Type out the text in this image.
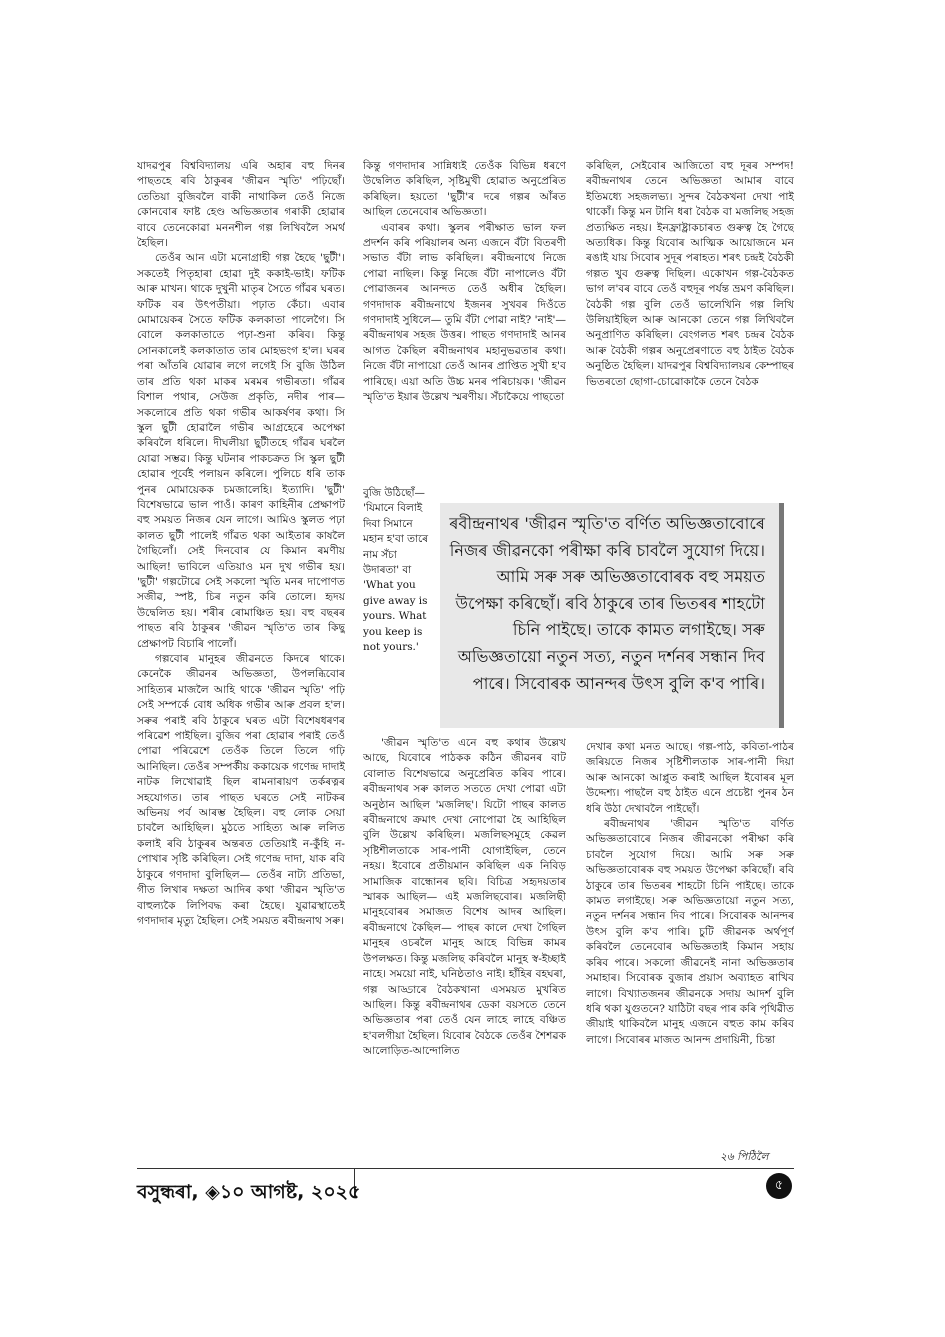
যাদৱপুৰ বিশ্ববিদ্যালয় এৰি অহাৰ বহু দিনৰ পাছতহে ৰবি ঠাকুৰৰ 'জীৱন স্মৃতি' পঢ়িছোঁ। তেতিয়া বুজিবলৈ বাকী নাথাকিল তেওঁ নিজে কোনবোৰ ফাষ্ট হেণ্ড অভিজ্ঞতাৰ গৰাকী হোৱাৰ বাবে তেনেকোৱা মননশীল গল্প লিখিবলৈ সমৰ্থ হৈছিল।

তেওঁৰ আন এটা মনোগ্ৰাহী গল্প হৈছে 'ছুটী'। সকতেই পিতৃহাৰা হোৱা দুই ককাই-ভাই। ফটিক আৰু মাখন। থাকে দুখুনী মাতৃৰ সৈতে গাঁৱৰ ঘৰত। ফটিক বৰ উৎপতীয়া। পঢ়াত কেঁচা। এবাৰ মোমায়েকৰ সৈতে ফটিক কলকাতা পালেগৈ। সি বোলে কলকাতাতে পঢ়া-শুনা কৰিব। কিন্তু সোনকালেই কলকাতাত তাৰ মোহভংগ হ'ল। ঘৰৰ পৰা আঁতৰি যোৱাৰ লগে লগেই সি বুজি উঠিল তাৰ প্ৰতি থকা মাকৰ মৰমৰ গভীৰতা। গাঁৱৰ বিশাল পথাৰ, সেউজ প্ৰকৃতি, নদীৰ পাৰ— সকলোৰে প্ৰতি থকা গভীৰ আকৰ্ষণৰ কথা। সি স্কুল ছুটী হোৱালৈ গভীৰ আগ্ৰহেৰে অপেক্ষা কৰিবলৈ ধৰিলে। দীঘলীয়া ছুটীতহে গাঁৱৰ ঘৰলৈ যোৱা সম্ভৱ। কিন্তু ঘটনাৰ পাকচক্ৰত সি স্কুল ছুটী হোৱাৰ পূৰ্বেই পলায়ন কৰিলে। পুলিচে ধৰি তাক পুনৰ মোমায়েকক চমজালেহি। ইত্যাদি। 'ছুটী' বিশেষভাৱে ভাল পাওঁ। কাৰণ কাহিনীৰ প্ৰেক্ষাপট বহু সময়ত নিজৰ যেন লাগে। আমিও স্কুলত পঢ়া কালত ছুটী পালেই গাঁৱত থকা আইতাৰ কাষলৈ গৈছিলোঁ। সেই দিনবোৰ যে কিমান ৰমণীয় আছিল! ভাবিলে এতিয়াও মন দুখ গভীৰ হয়। 'ছুটী' গল্পটোৱে সেই সকলো স্মৃতি মনৰ দাপোণত সজীৱ, স্পষ্ট, চিৰ নতুন কৰি তোলে। হৃদয় উদ্বেলিত হয়। শৰীৰ ৰোমাঞ্চিত হয়। বহু বছৰৰ পাছত ৰবি ঠাকুৰৰ 'জীৱন স্মৃতি'ত তাৰ কিছু প্ৰেক্ষাপট বিচাৰি পালোঁ।

গল্পবোৰ মানুহৰ জীৱনতে কিদৰে থাকে। কেনেকৈ জীৱনৰ অভিজ্ঞতা, উপলব্ধিবোৰ সাহিত্যৰ মাজলৈ আহি থাকে 'জীৱন স্মৃতি' পঢ়ি সেই সম্পৰ্কে বোধ অধিক গভীৰ আৰু প্ৰবল হ'ল। সৰুৰ পৰাই ৰবি ঠাকুৰে ঘৰত এটা বিশেষধৰণৰ পৰিৱেশ পাইছিল। বুজিব পৰা হোৱাৰ পৰাই তেওঁ পোৱা পৰিৱেশে তেওঁক তিলে তিলে গঢ়ি আনিছিল। তেওঁৰ সম্পৰ্কীয় ককায়েক গণেন্দ্ৰ দাদাই নাটক লিখোৱাই ছিল ৰামনাৰায়ণ তৰ্কৰত্নৰ সহযোগত। তাৰ পাছত ঘৰতে সেই নাটকৰ অভিনয় পৰ্ব আৰম্ভ হৈছিল। বহু লোক সেয়া চাবলৈ আহিছিল। মুঠতে সাহিত্য আৰু ললিত কলাই ৰবি ঠাকুৰৰ অন্তৰত তেতিয়াই ন-কুঁহি ন-পোখাৰ সৃষ্টি কৰিছিল। সেই গণেন্দ্ৰ দাদা, যাক ৰবি ঠাকুৰে গণদাদা বুলিছিল— তেওঁৰ নাট্য প্ৰতিভা, গীত লিখাৰ দক্ষতা আদিৰ কথা 'জীৱন স্মৃতি'ত বাহুল্যকৈ লিপিবদ্ধ কৰা হৈছে। যুৱাৱস্থাতেই গণদাদাৰ মৃত্যু হৈছিল। সেই সময়ত ৰবীন্দ্ৰনাথ সৰু।

কিন্তু গণদাদাৰ সান্নিধ্যই তেওঁক বিভিন্ন ধৰণে উদ্বেলিত কৰিছিল, সৃষ্টিমুখী হোৱাত অনুপ্ৰেৰিত কৰিছিল। হয়তো 'ছুটী'ৰ দৰে গল্পৰ আঁৰত আছিল তেনেবোৰ অভিজ্ঞতা।

এবাৰৰ কথা। স্কুলৰ পৰীক্ষাত ভাল ফল প্ৰদৰ্শন কৰি পৰিয়ালৰ অন্য এজনে বঁটা বিতৰণী সভাত বঁটা লাভ কৰিছিল। ৰবীন্দ্ৰনাথে নিজে পোৱা নাছিল। কিন্তু নিজে বঁটা নাপালেও বঁটা পোৱাজনৰ আনন্দত তেওঁ অধীৰ হৈছিল। গণদাদাক ৰবীন্দ্ৰনাথে ইজনৰ সুখবৰ দিওঁতে গণদাদাই সুধিলে— তুমি বঁটা পোৱা নাই? 'নাই'— ৰবীন্দ্ৰনাথৰ সহজ উত্তৰ। পাছত গণদাদাই আনৰ আগত কৈছিল ৰবীন্দ্ৰনাথৰ মহানুভৱতাৰ কথা। নিজে বঁটা নাপায়ো তেওঁ আনৰ প্ৰাপ্তিত সুখী হ'ব পাৰিছে। এয়া অতি উচ্চ মনৰ পৰিচায়ক। 'জীৱন স্মৃতি'ত ইয়াৰ উল্লেখ স্মৰণীয়। সঁচাকৈয়ে পাছতো

বুজি উঠিছোঁ— 'যিমানে বিলাই দিবা সিমানে মহান হ'বা তাৰে নাম সঁচা উদাৰতা' বা 'What you give away is yours. What you keep is not yours.'

'জীৱন স্মৃতি'ত এনে বহু কথাৰ উল্লেখ আছে, যিবোৰে পাঠকক কঠিন জীৱনৰ বাট বোলাত বিশেষভাৱে অনুপ্ৰেৰিত কৰিব পাৰে। ৰবীন্দ্ৰনাথৰ সৰু কালত সততে দেখা পোৱা এটা অনুষ্ঠান আছিল 'মজলিছ'। যিটো পাছৰ কালত ৰবীন্দ্ৰনাথে ক্ৰমাৎ দেখা নোপোৱা হৈ আহিছিল বুলি উল্লেখ কৰিছিল। মজলিছসমূহে কেৱল সৃষ্টিশীলতাকে সাৰ-পানী যোগাইছিল, তেনে নহয়। ইবোৰে প্ৰতীয়মান কৰিছিল এক নিবিড় সামাজিক বান্ধোনৰ ছবি। বিচিত্ৰ সহৃদয়তাৰ স্মাৰক আছিল— এই মজলিছবোৰ। মজলিছী মানুহবোৰৰ সমাজত বিশেষ আদৰ আছিল। ৰবীন্দ্ৰনাথে কৈছিল— পাছৰ কালে দেখা গৈছিল মানুহৰ ওচৰলৈ মানুহ আহে বিভিন্ন কামৰ উপলক্ষত। কিন্তু মজলিছ কৰিবলৈ মানুহ স্ব-ইচ্ছাই নাহে। সময়ো নাই, ঘনিষ্ঠতাও নাই। হাঁহিৰ বহঘৰা, গল্প আড্ডাৰে বৈঠকখানা এসময়ত মুখৰিত আছিল। কিন্তু ৰবীন্দ্ৰনাথৰ ডেকা বয়সতে তেনে অভিজ্ঞতাৰ পৰা তেওঁ যেন লাহে লাহে বঞ্চিত হ'বলগীয়া হৈছিল। যিবোৰ বৈঠকে তেওঁৰ শৈশৱক আলোড়িত-আন্দোলিত

কৰিছিল, সেইবোৰ আজিতো বহু দূৰৰ সম্পদ! ৰবীন্দ্ৰনাথৰ তেনে অভিজ্ঞতা আমাৰ বাবে ইতিমধ্যে সহজলভ্য। সুন্দৰ বৈঠকখনা দেখা পাই থাকোঁ। কিন্তু মন টানি ধৰা বৈঠক বা মজলিছ সহজ প্ৰত্যক্ষিত নহয়। ইনফ্ৰাষ্ট্ৰাকচাৰত গুৰুত্ব হৈ গৈছে অত্যধিক। কিন্তু যিবোৰ আত্মিক আয়োজনে মন ৰঙাই যায় সিবোৰ সুদূৰ পৰাহত। শৰৎ চন্দ্ৰই বৈঠকী গল্পত খুব গুৰুত্ব দিছিল। একোখন গল্প-বৈঠকত ভাগ ল'বৰ বাবে তেওঁ বহুদূৰ পৰ্যন্ত ভ্ৰমণ কৰিছিল। বৈঠকী গল্প বুলি তেওঁ ভালেখিনি গল্প লিখি উলিয়াইছিল আৰু আনকো তেনে গল্প লিখিবলৈ অনুপ্ৰাণিত কৰিছিল। বেংগলত শৰৎ চন্দ্ৰৰ বৈঠক আৰু বৈঠকী গল্পৰ অনুপ্ৰেৰণাতে বহু ঠাইত বৈঠক অনুষ্ঠিত হৈছিল। যাদৱপুৰ বিশ্ববিদ্যালয়ৰ কেম্পাছৰ ভিতৰতো ছোগা-চোৱোকাকৈ তেনে বৈঠক

দেখাৰ কথা মনত আছে। গল্প-পাঠ, কবিতা-পাঠৰ জৰিয়তে নিজৰ সৃষ্টিশীলতাক সাৰ-পানী দিয়া আৰু আনকো আপ্লুত কৰাই আছিল ইবোৰৰ মূল উদ্দেশ্য। পাছলৈ বহু ঠাইত এনে প্ৰচেষ্টা পুনৰ ঠন ধৰি উঠা দেখাবলৈ পাইছোঁ।

ৰবীন্দ্ৰনাথৰ 'জীৱন স্মৃতি'ত বৰ্ণিত অভিজ্ঞতাবোৰে নিজৰ জীৱনকো পৰীক্ষা কৰি চাবলৈ সুযোগ দিয়ে। আমি সৰু সৰু অভিজ্ঞতাবোৰক বহু সময়ত উপেক্ষা কৰিছোঁ। ৰবি ঠাকুৰে তাৰ ভিতৰৰ শাহটো চিনি পাইছে। তাকে কামত লগাইছে। সৰু অভিজ্ঞতায়ো নতুন সত্য, নতুন দৰ্শনৰ সন্ধান দিব পাৰে। সিবোৰক আনন্দৰ উৎস বুলি ক'ব পাৰি। চুটি জীৱনক অৰ্থপূৰ্ণ কৰিবলৈ তেনেবোৰ অভিজ্ঞতাই কিমান সহায় কৰিব পাৰে। সকলো জীৱনেই নানা অভিজ্ঞতাৰ সমাহাৰ। সিবোৰক বুজাৰ প্ৰয়াস অব্যাহত ৰাখিব লাগে। বিখ্যাতজনৰ জীৱনকে সদায় আদৰ্শ বুলি ধৰি থকা যুগুতনে? যাঠিটা বছৰ পাৰ কৰি পৃথিৱীত জীয়াই থাকিবলৈ মানুহ এজনে বহুত কাম কৰিব লাগে। সিবোৰৰ মাজত আনন্দ প্ৰদায়িনী, চিন্তা

ৰবীন্দ্ৰনাথৰ 'জীৱন স্মৃতি'ত বৰ্ণিত অভিজ্ঞতাবোৰে নিজৰ জীৱনকো পৰীক্ষা কৰি চাবলৈ সুযোগ দিয়ে। আমি সৰু সৰু অভিজ্ঞতাবোৰক বহু সময়ত উপেক্ষা কৰিছোঁ। ৰবি ঠাকুৰে তাৰ ভিতৰৰ শাহটো চিনি পাইছে। তাকে কামত লগাইছে। সৰু অভিজ্ঞতায়ো নতুন সত্য, নতুন দৰ্শনৰ সন্ধান দিব পাৰে। সিবোৰক আনন্দৰ উৎস বুলি ক'ব পাৰি।
২৬ পিঠিলৈ
বসুন্ধৰা, ◈১০ আগষ্ট, ২০২৫	৫
